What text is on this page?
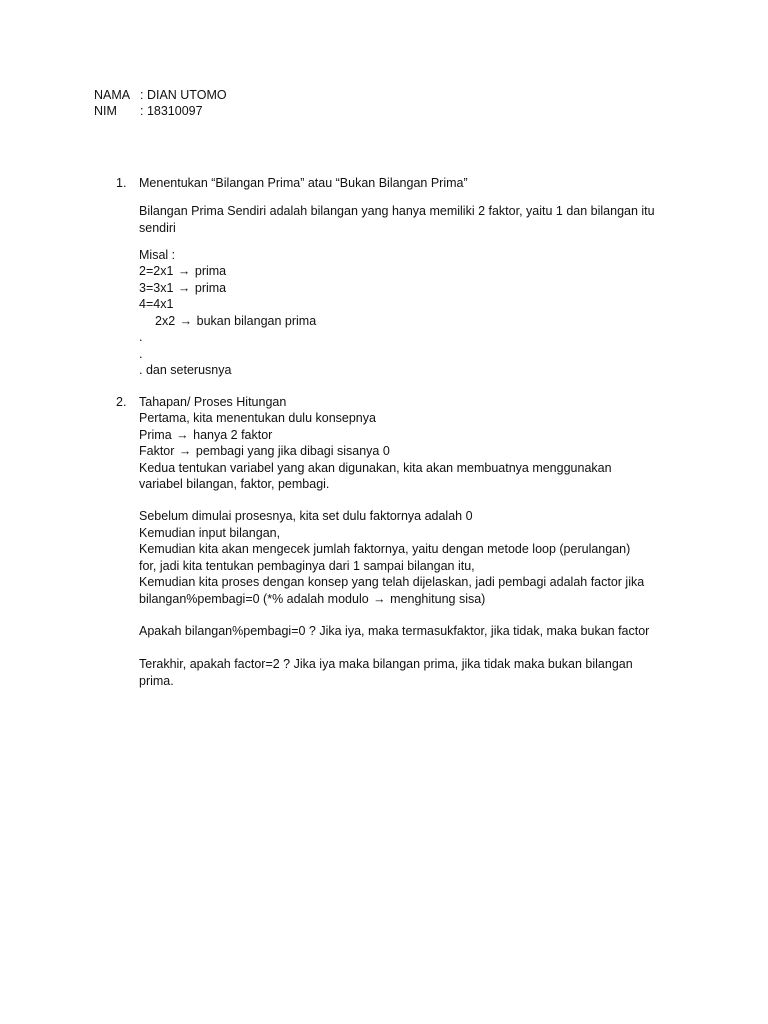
NAMA : DIAN UTOMO
NIM : 18310097
1. Menentukan “Bilangan Prima” atau “Bukan Bilangan Prima”
Bilangan Prima Sendiri adalah bilangan yang hanya memiliki 2 faktor, yaitu 1 dan bilangan itu
sendiri
Misal :
2=2x1 → prima
3=3x1 → prima
4=4x1
2x2 → bukan bilangan prima
.
.
. dan seterusnya
2. Tahapan/ Proses Hitungan
Pertama, kita menentukan dulu konsepnya
Prima → hanya 2 faktor
Faktor → pembagi yang jika dibagi sisanya 0
Kedua tentukan variabel yang akan digunakan, kita akan membuatnya menggunakan
variabel bilangan, faktor, pembagi.
Sebelum dimulai prosesnya, kita set dulu faktornya adalah 0
Kemudian input bilangan,
Kemudian kita akan mengecek jumlah faktornya, yaitu dengan metode loop (perulangan)
for, jadi kita tentukan pembaginya dari 1 sampai bilangan itu,
Kemudian kita proses dengan konsep yang telah dijelaskan, jadi pembagi adalah factor jika
bilangan%pembagi=0 (*% adalah modulo → menghitung sisa)
Apakah bilangan%pembagi=0 ? Jika iya, maka termasukfaktor, jika tidak, maka bukan factor
Terakhir, apakah factor=2 ? Jika iya maka bilangan prima, jika tidak maka bukan bilangan
prima.
